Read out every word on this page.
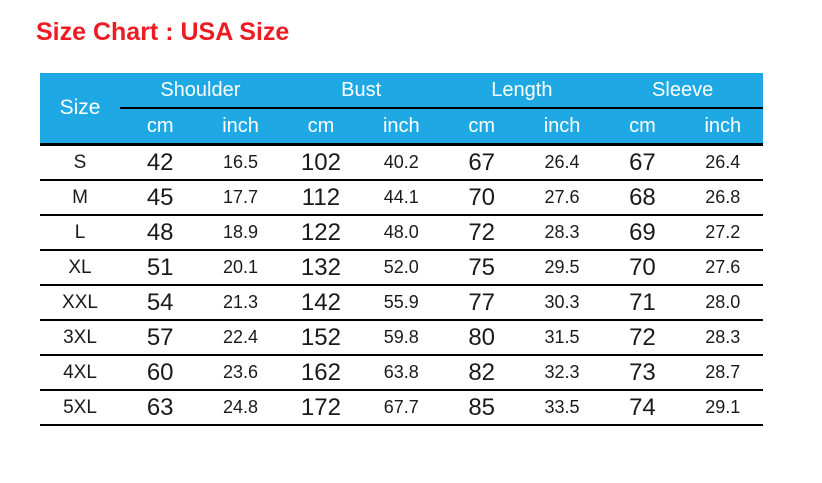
Size Chart : USA Size
Size	Shoulder		Bust		Length		Sleeve	
	cm	inch	cm	inch	cm	inch	cm	inch
S	42	16.5	102	40.2	67	26.4	67	26.4
M	45	17.7	112	44.1	70	27.6	68	26.8
L	48	18.9	122	48.0	72	28.3	69	27.2
XL	51	20.1	132	52.0	75	29.5	70	27.6
XXL	54	21.3	142	55.9	77	30.3	71	28.0
3XL	57	22.4	152	59.8	80	31.5	72	28.3
4XL	60	23.6	162	63.8	82	32.3	73	28.7
5XL	63	24.8	172	67.7	85	33.5	74	29.1
